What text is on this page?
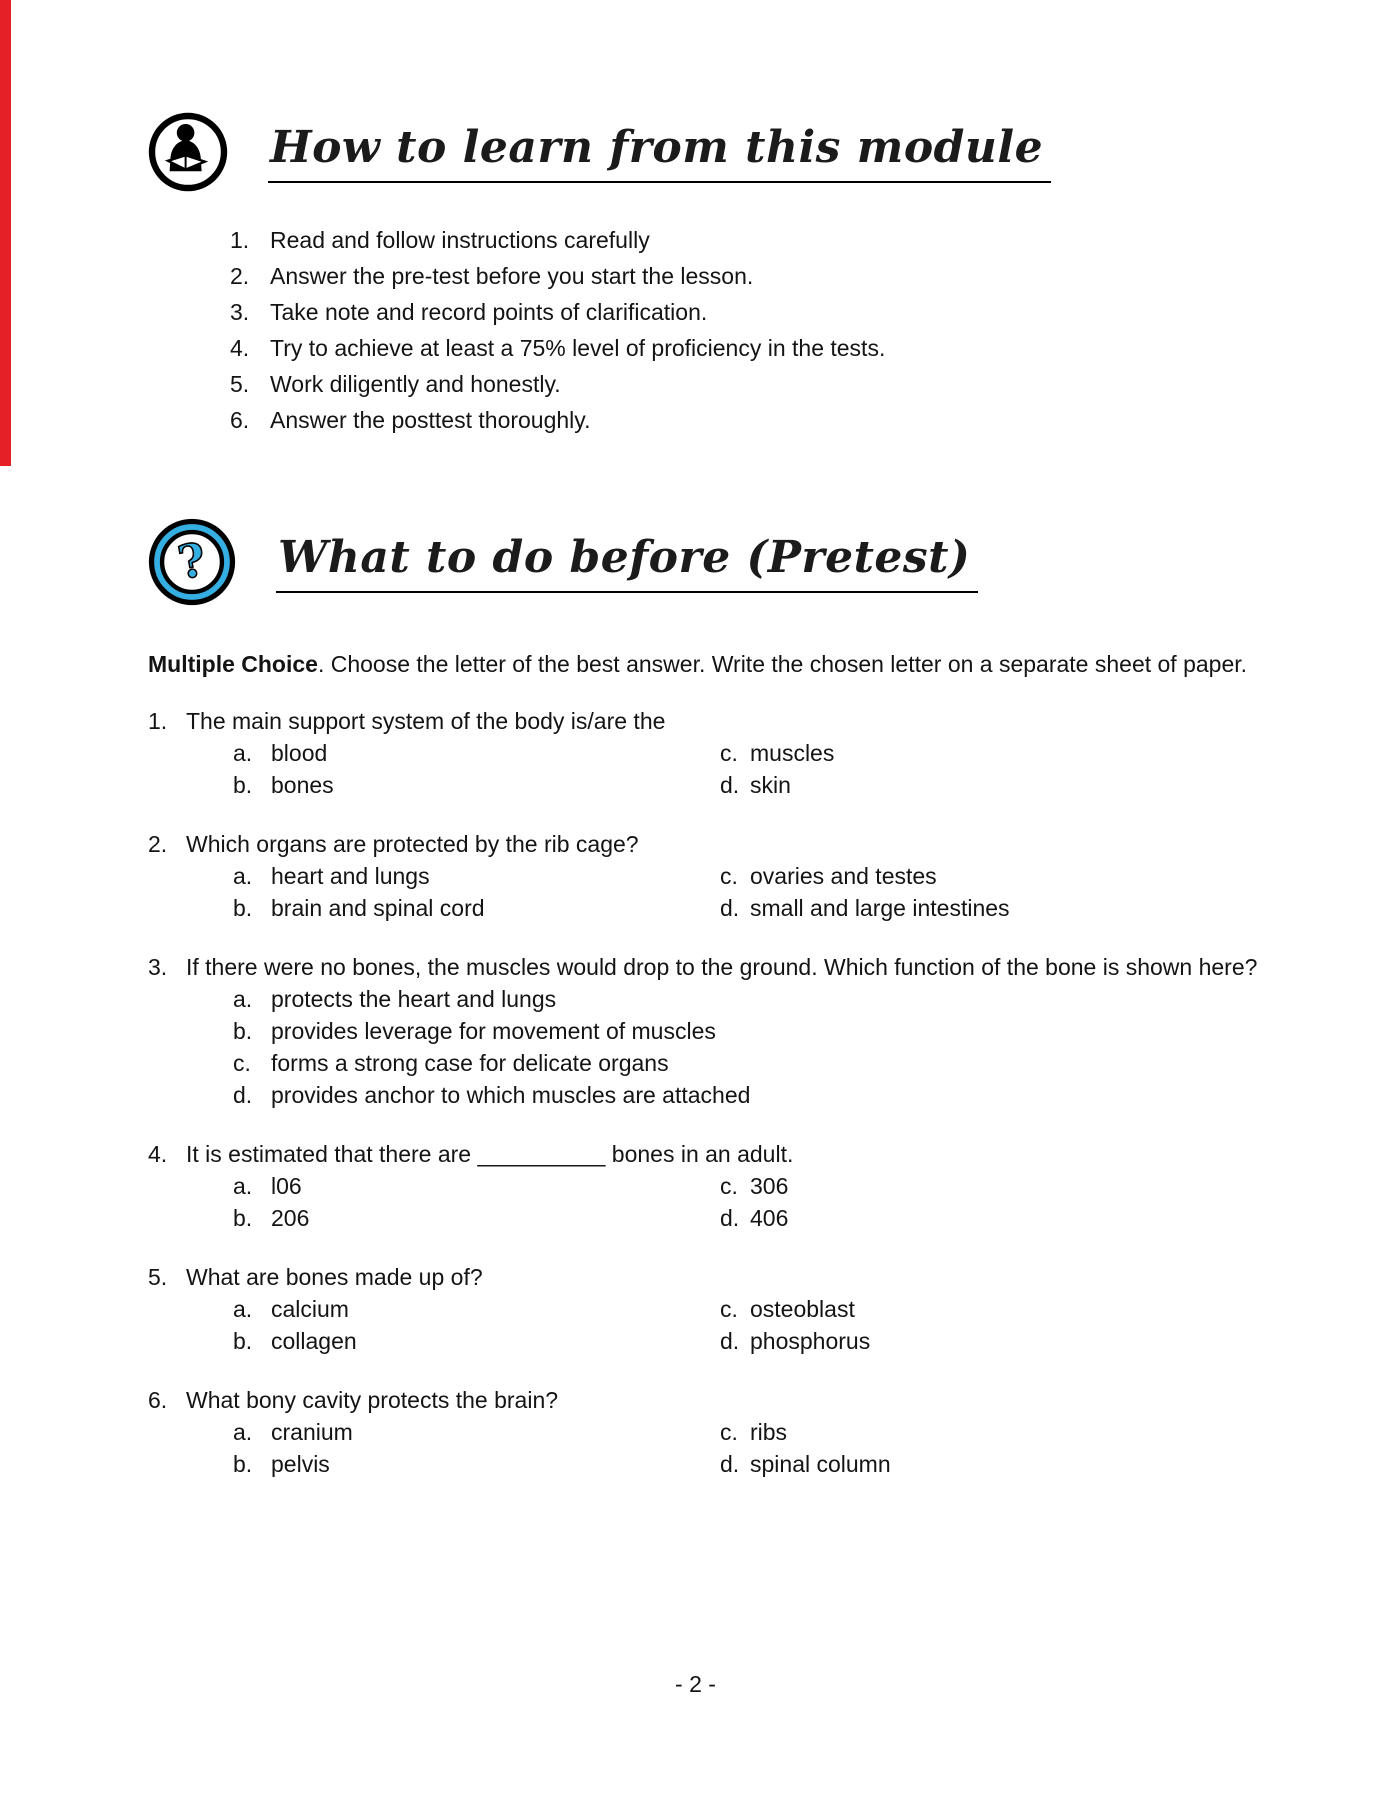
How to learn from this module
1. Read and follow instructions carefully
2. Answer the pre-test before you start the lesson.
3. Take note and record points of clarification.
4. Try to achieve at least a 75% level of proficiency in the tests.
5. Work diligently and honestly.
6. Answer the posttest thoroughly.
? What to do before (Pretest)

Multiple Choice. Choose the letter of the best answer. Write the chosen letter on a separate sheet of paper.

1. The main support system of the body is/are the
a. blood	c. muscles
b. bones	d. skin
2. Which organs are protected by the rib cage?
a. heart and lungs	c. ovaries and testes
b. brain and spinal cord	d. small and large intestines
3. If there were no bones, the muscles would drop to the ground. Which function of the bone is shown here?
a. protects the heart and lungs
b. provides leverage for movement of muscles
c. forms a strong case for delicate organs
d. provides anchor to which muscles are attached
4. It is estimated that there are __________ bones in an adult.
a. l06	c. 306
b. 206	d. 406
5. What are bones made up of?
a. calcium	c. osteoblast
b. collagen	d. phosphorus
6. What bony cavity protects the brain?
a. cranium	c. ribs
b. pelvis	d. spinal column
- 2 -
